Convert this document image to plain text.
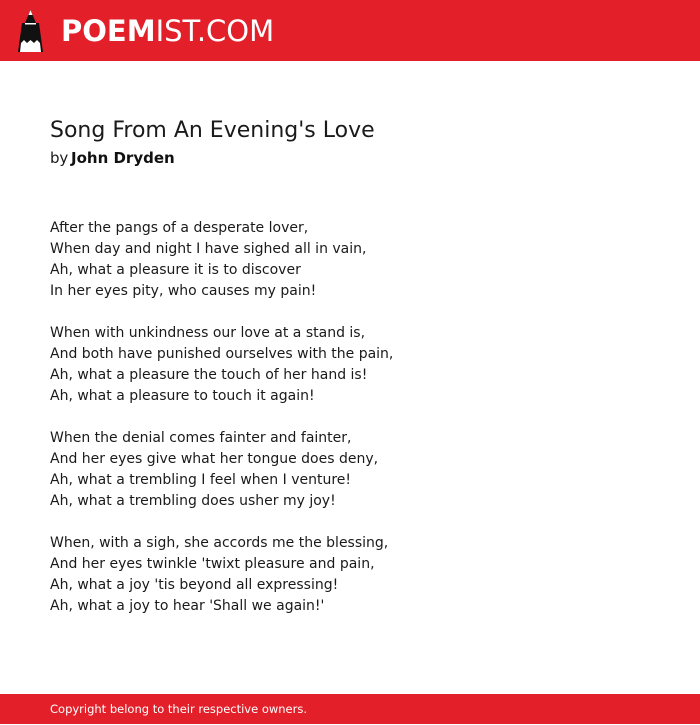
POEMIST.COM
Song From An Evening's Love
by John Dryden
After the pangs of a desperate lover,
When day and night I have sighed all in vain,
Ah, what a pleasure it is to discover
In her eyes pity, who causes my pain!
When with unkindness our love at a stand is,
And both have punished ourselves with the pain,
Ah, what a pleasure the touch of her hand is!
Ah, what a pleasure to touch it again!
When the denial comes fainter and fainter,
And her eyes give what her tongue does deny,
Ah, what a trembling I feel when I venture!
Ah, what a trembling does usher my joy!
When, with a sigh, she accords me the blessing,
And her eyes twinkle 'twixt pleasure and pain,
Ah, what a joy 'tis beyond all expressing!
Ah, what a joy to hear 'Shall we again!'
Copyright belong to their respective owners.
